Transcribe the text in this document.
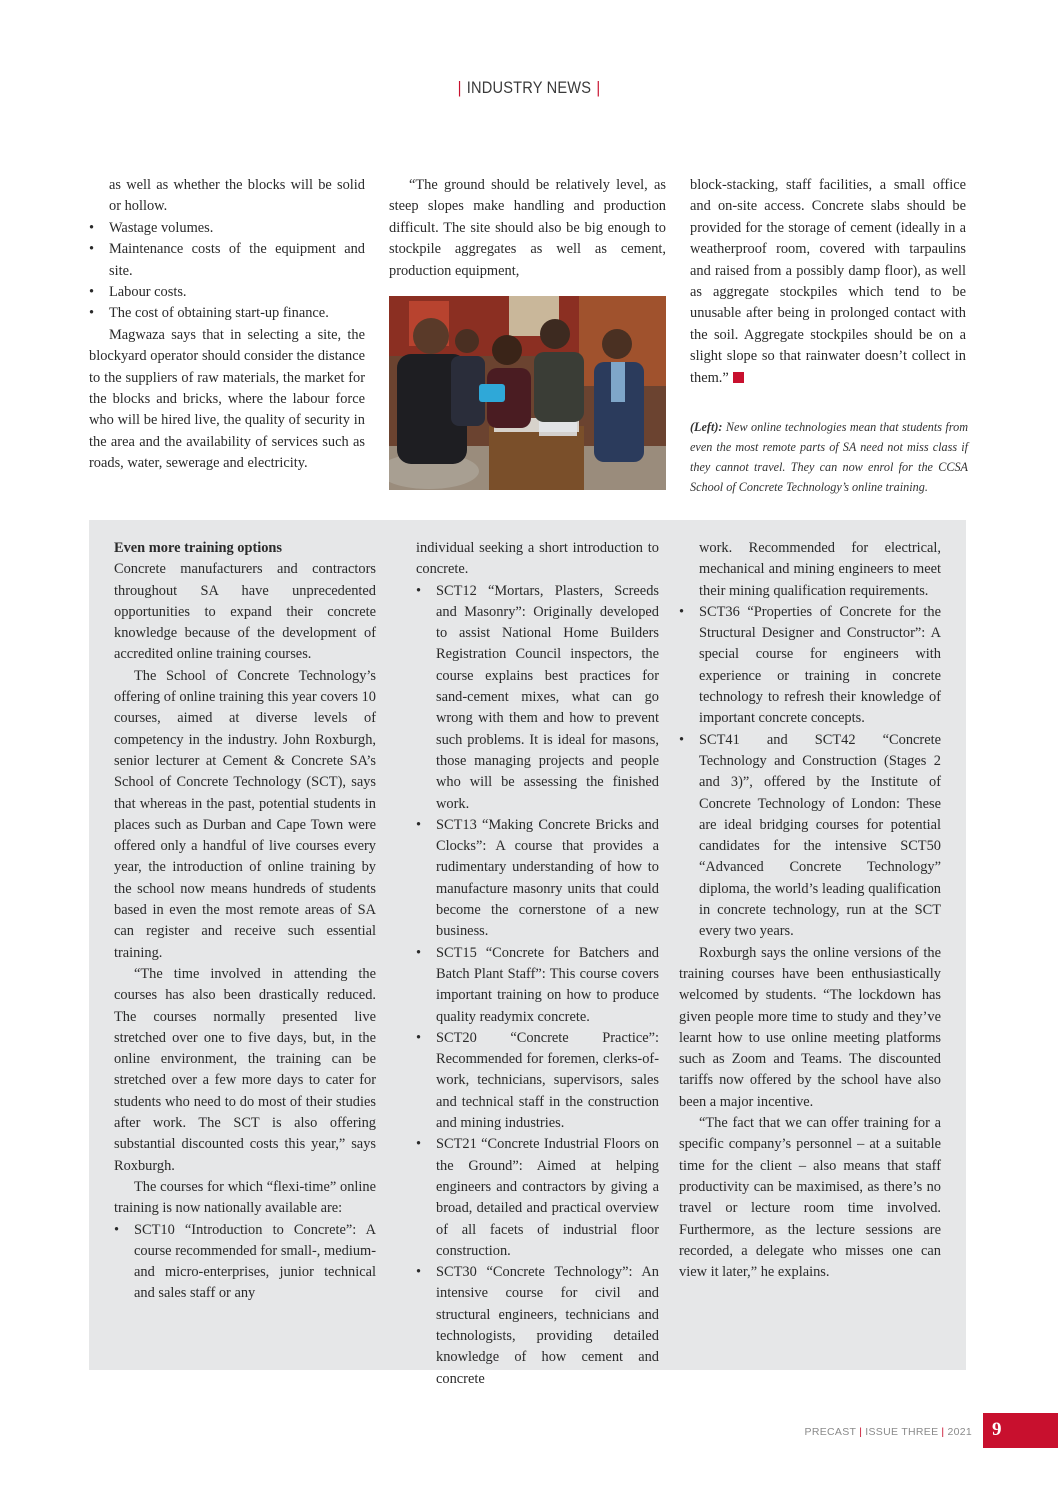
| INDUSTRY NEWS |

as well as whether the blocks will be solid or hollow.

• Wastage volumes.
• Maintenance costs of the equipment and site.
• Labour costs.
• The cost of obtaining start-up finance.

Magwaza says that in selecting a site, the blockyard operator should consider the distance to the suppliers of raw materials, the market for the blocks and bricks, where the labour force who will be hired live, the quality of security in the area and the availability of services such as roads, water, sewerage and electricity.

“The ground should be relatively level, as steep slopes make handling and production difficult. The site should also be big enough to stockpile aggregates as well as cement, production equipment,

block-stacking, staff facilities, a small office and on-site access. Concrete slabs should be provided for the storage of cement (ideally in a weatherproof room, covered with tarpaulins and raised from a possibly damp floor), as well as aggregate stockpiles which tend to be unusable after being in prolonged contact with the soil. Aggregate stockpiles should be on a slight slope so that rainwater doesn’t collect in them.”

(Left): New online technologies mean that students from even the most remote parts of SA need not miss class if they cannot travel. They can now enrol for the CCSA School of Concrete Technology’s online training.

Even more training options

Concrete manufacturers and contractors throughout SA have unprecedented opportunities to expand their concrete knowledge because of the development of accredited online training courses.

The School of Concrete Technology’s offering of online training this year covers 10 courses, aimed at diverse levels of competency in the industry. John Roxburgh, senior lecturer at Cement & Concrete SA’s School of Concrete Technology (SCT), says that whereas in the past, potential students in places such as Durban and Cape Town were offered only a handful of live courses every year, the introduction of online training by the school now means hundreds of students based in even the most remote areas of SA can register and receive such essential training.

“The time involved in attending the courses has also been drastically reduced. The courses normally presented live stretched over one to five days, but, in the online environment, the training can be stretched over a few more days to cater for students who need to do most of their studies after work. The SCT is also offering substantial discounted costs this year,” says Roxburgh.

The courses for which “flexi-time” online training is now nationally available are:

• SCT10 “Introduction to Concrete”: A course recommended for small-, medium- and micro-enterprises, junior technical and sales staff or any

individual seeking a short introduction to concrete.

• SCT12 “Mortars, Plasters, Screeds and Masonry”: Originally developed to assist National Home Builders Registration Council inspectors, the course explains best practices for sand-cement mixes, what can go wrong with them and how to prevent such problems. It is ideal for masons, those managing projects and people who will be assessing the finished work.
• SCT13 “Making Concrete Bricks and Clocks”: A course that provides a rudimentary understanding of how to manufacture masonry units that could become the cornerstone of a new business.
• SCT15 “Concrete for Batchers and Batch Plant Staff”: This course covers important training on how to produce quality readymix concrete.
• SCT20 “Concrete Practice”: Recommended for foremen, clerks-of-work, technicians, supervisors, sales and technical staff in the construction and mining industries.
• SCT21 “Concrete Industrial Floors on the Ground”: Aimed at helping engineers and contractors by giving a broad, detailed and practical overview of all facets of industrial floor construction.
• SCT30 “Concrete Technology”: An intensive course for civil and structural engineers, technicians and technologists, providing detailed knowledge of how cement and concrete

work. Recommended for electrical, mechanical and mining engineers to meet their mining qualification requirements.

• SCT36 “Properties of Concrete for the Structural Designer and Constructor”: A special course for engineers with experience or training in concrete technology to refresh their knowledge of important concrete concepts.
• SCT41 and SCT42 “Concrete Technology and Construction (Stages 2 and 3)”, offered by the Institute of Concrete Technology of London: These are ideal bridging courses for potential candidates for the intensive SCT50 “Advanced Concrete Technology” diploma, the world’s leading qualification in concrete technology, run at the SCT every two years.

Roxburgh says the online versions of the training courses have been enthusiastically welcomed by students. “The lockdown has given people more time to study and they’ve learnt how to use online meeting platforms such as Zoom and Teams. The discounted tariffs now offered by the school have also been a major incentive.

“The fact that we can offer training for a specific company’s personnel – at a suitable time for the client – also means that staff productivity can be maximised, as there’s no travel or lecture room time involved. Furthermore, as the lecture sessions are recorded, a delegate who misses one can view it later,” he explains.

PRECAST | ISSUE THREE | 2021 9
